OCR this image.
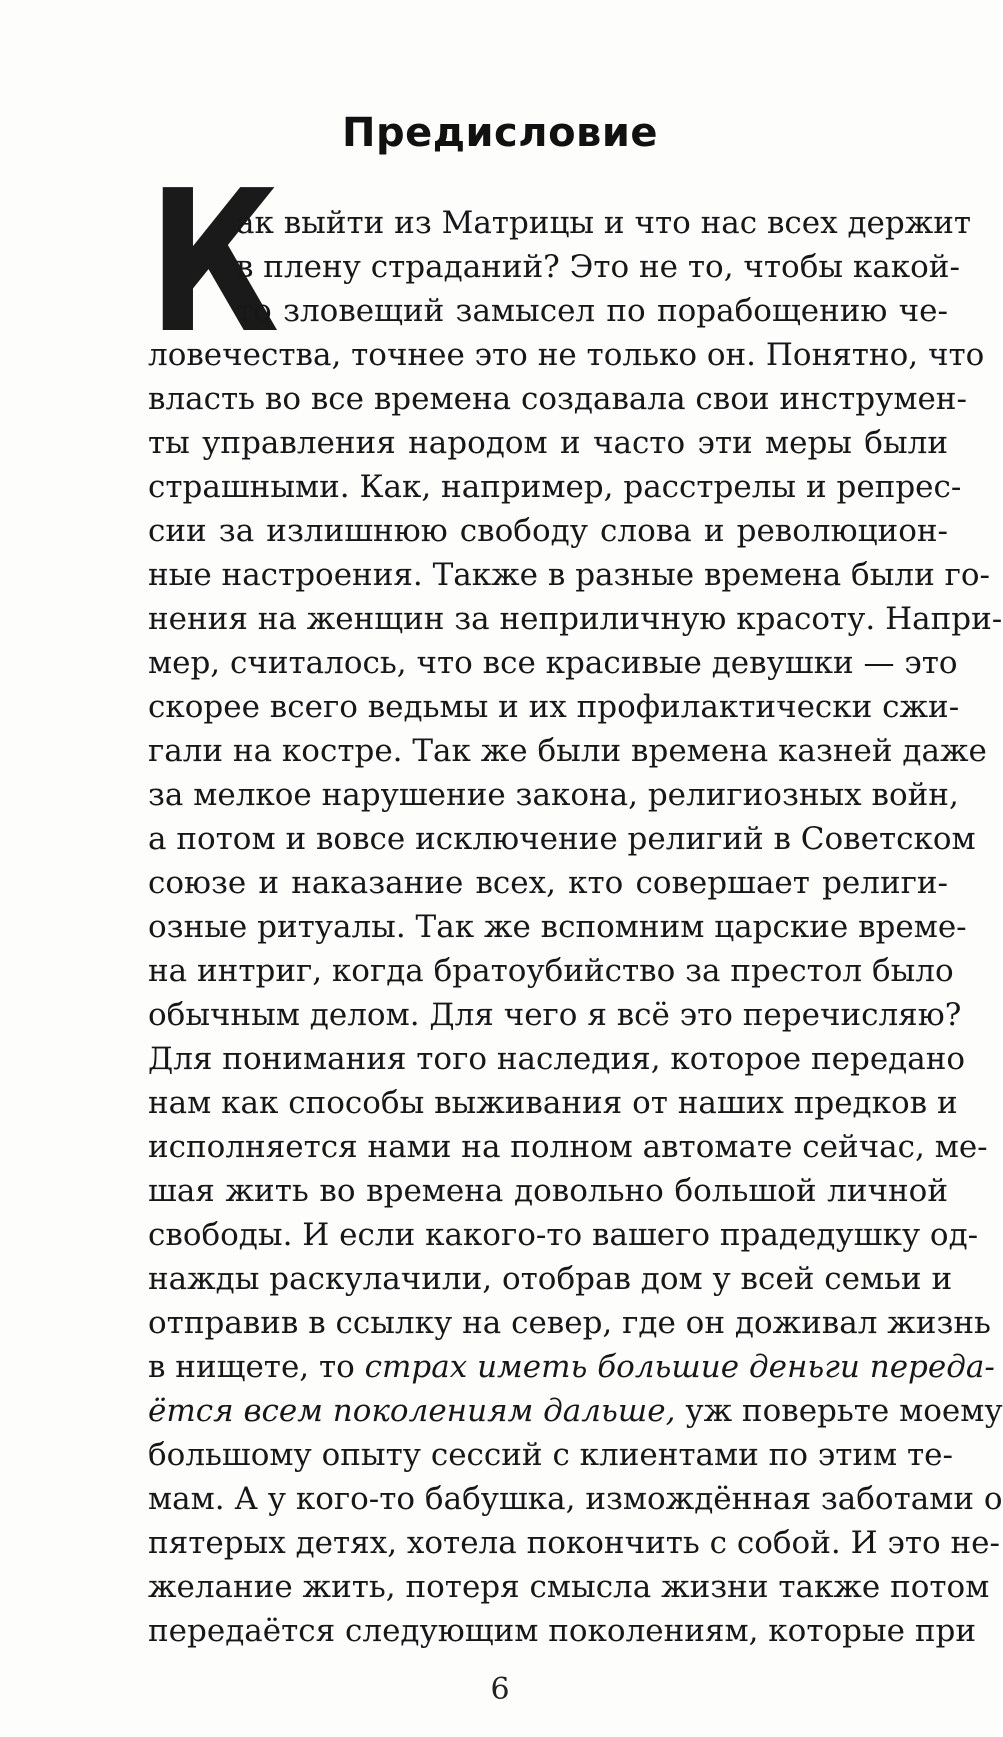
Предисловие
К
ак выйти из Матрицы и что нас всех держит
в плену страданий? Это не то, чтобы какой-
то зловещий замысел по порабощению че-
ловечества, точнее это не только он. Понятно, что
власть во все времена создавала свои инструмен-
ты управления народом и часто эти меры были
страшными. Как, например, расстрелы и репрес-
сии за излишнюю свободу слова и революцион-
ные настроения. Также в разные времена были го-
нения на женщин за неприличную красоту. Напри-
мер, считалось, что все красивые девушки — это
скорее всего ведьмы и их профилактически сжи-
гали на костре. Так же были времена казней даже
за мелкое нарушение закона, религиозных войн,
а потом и вовсе исключение религий в Советском
союзе и наказание всех, кто совершает религи-
озные ритуалы. Так же вспомним царские време-
на интриг, когда братоубийство за престол было
обычным делом. Для чего я всё это перечисляю?
Для понимания того наследия, которое передано
нам как способы выживания от наших предков и
исполняется нами на полном автомате сейчас, ме-
шая жить во времена довольно большой личной
свободы. И если какого-то вашего прадедушку од-
нажды раскулачили, отобрав дом у всей семьи и
отправив в ссылку на север, где он доживал жизнь
в нищете, то страх иметь большие деньги переда-
ётся всем поколениям дальше, уж поверьте моему
большому опыту сессий с клиентами по этим те-
мам. А у кого-то бабушка, измождённая заботами о
пятерых детях, хотела покончить с собой. И это не-
желание жить, потеря смысла жизни также потом
передаётся следующим поколениям, которые при
6
